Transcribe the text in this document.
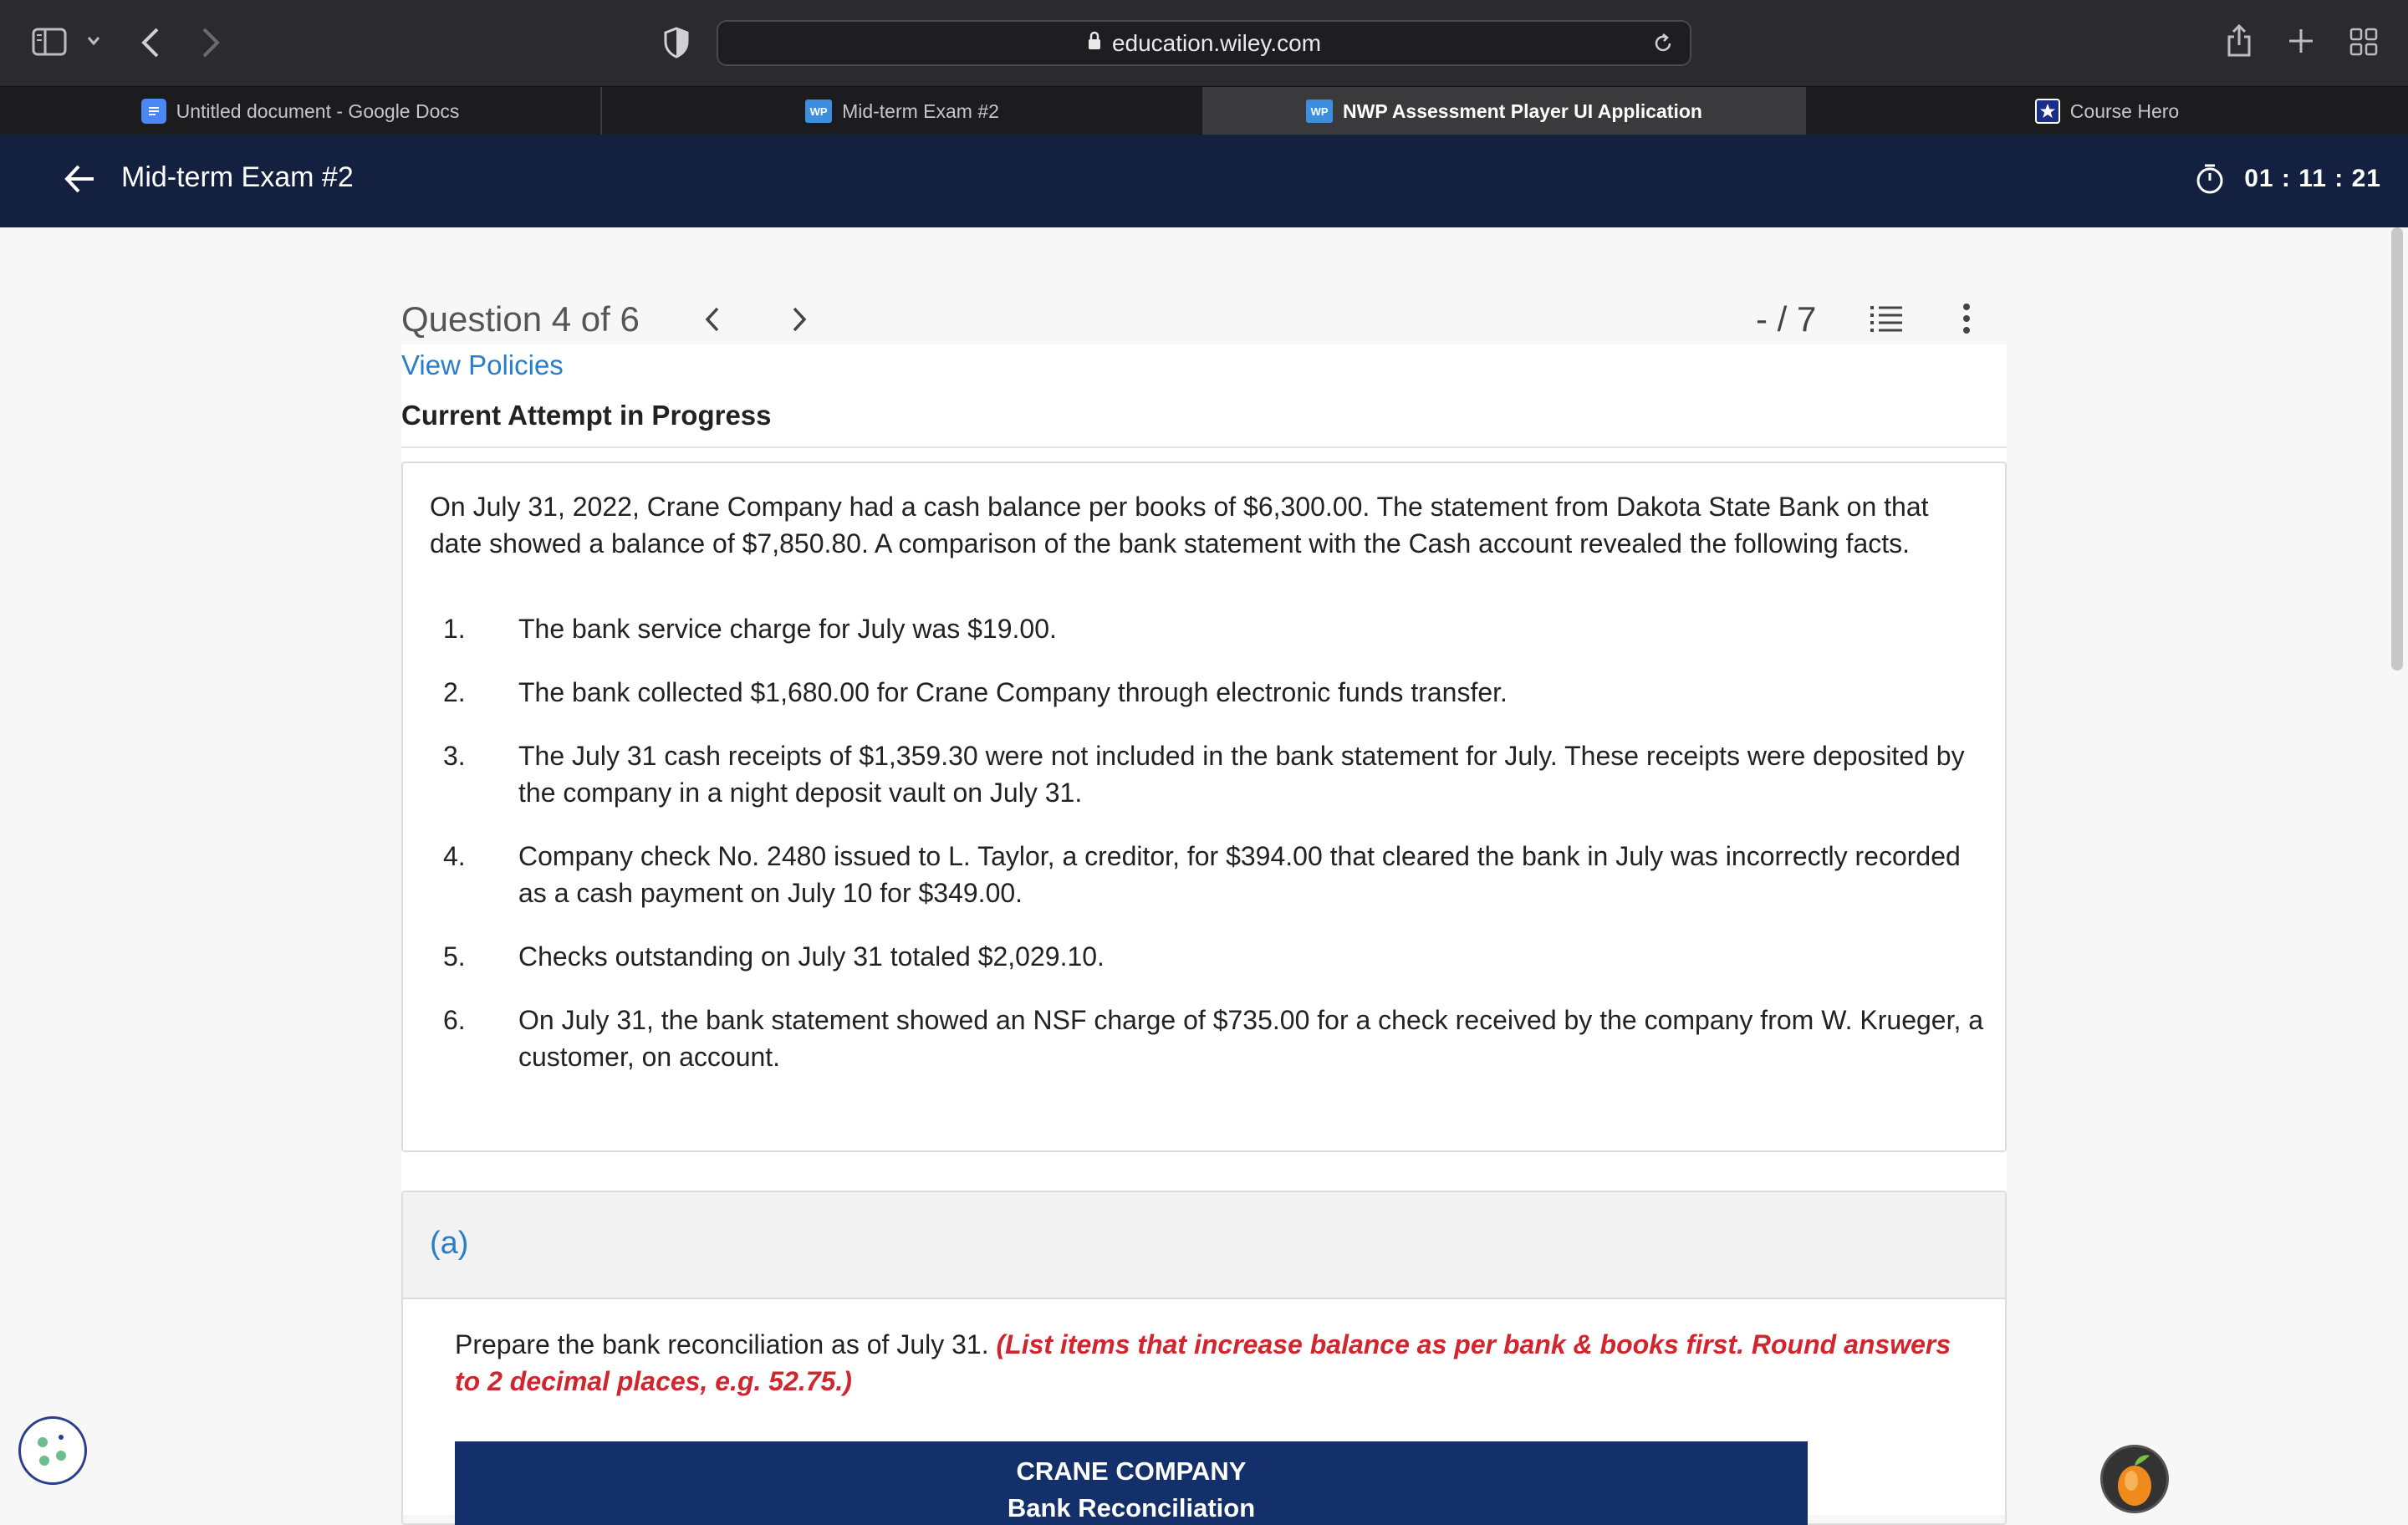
education.wiley.com
Untitled document - Google Docs	WP Mid-term Exam #2	WP NWP Assessment Player UI Application	Course Hero
Mid-term Exam #2	01 : 11 : 21
Question 4 of 6	- / 7
View Policies
Current Attempt in Progress
On July 31, 2022, Crane Company had a cash balance per books of $6,300.00. The statement from Dakota State Bank on that date showed a balance of $7,850.80. A comparison of the bank statement with the Cash account revealed the following facts.
1. The bank service charge for July was $19.00.
2. The bank collected $1,680.00 for Crane Company through electronic funds transfer.
3. The July 31 cash receipts of $1,359.30 were not included in the bank statement for July. These receipts were deposited by the company in a night deposit vault on July 31.
4. Company check No. 2480 issued to L. Taylor, a creditor, for $394.00 that cleared the bank in July was incorrectly recorded as a cash payment on July 10 for $349.00.
5. Checks outstanding on July 31 totaled $2,029.10.
6. On July 31, the bank statement showed an NSF charge of $735.00 for a check received by the company from W. Krueger, a customer, on account.
(a)
Prepare the bank reconciliation as of July 31. (List items that increase balance as per bank & books first. Round answers to 2 decimal places, e.g. 52.75.)
CRANE COMPANY
Bank Reconciliation
